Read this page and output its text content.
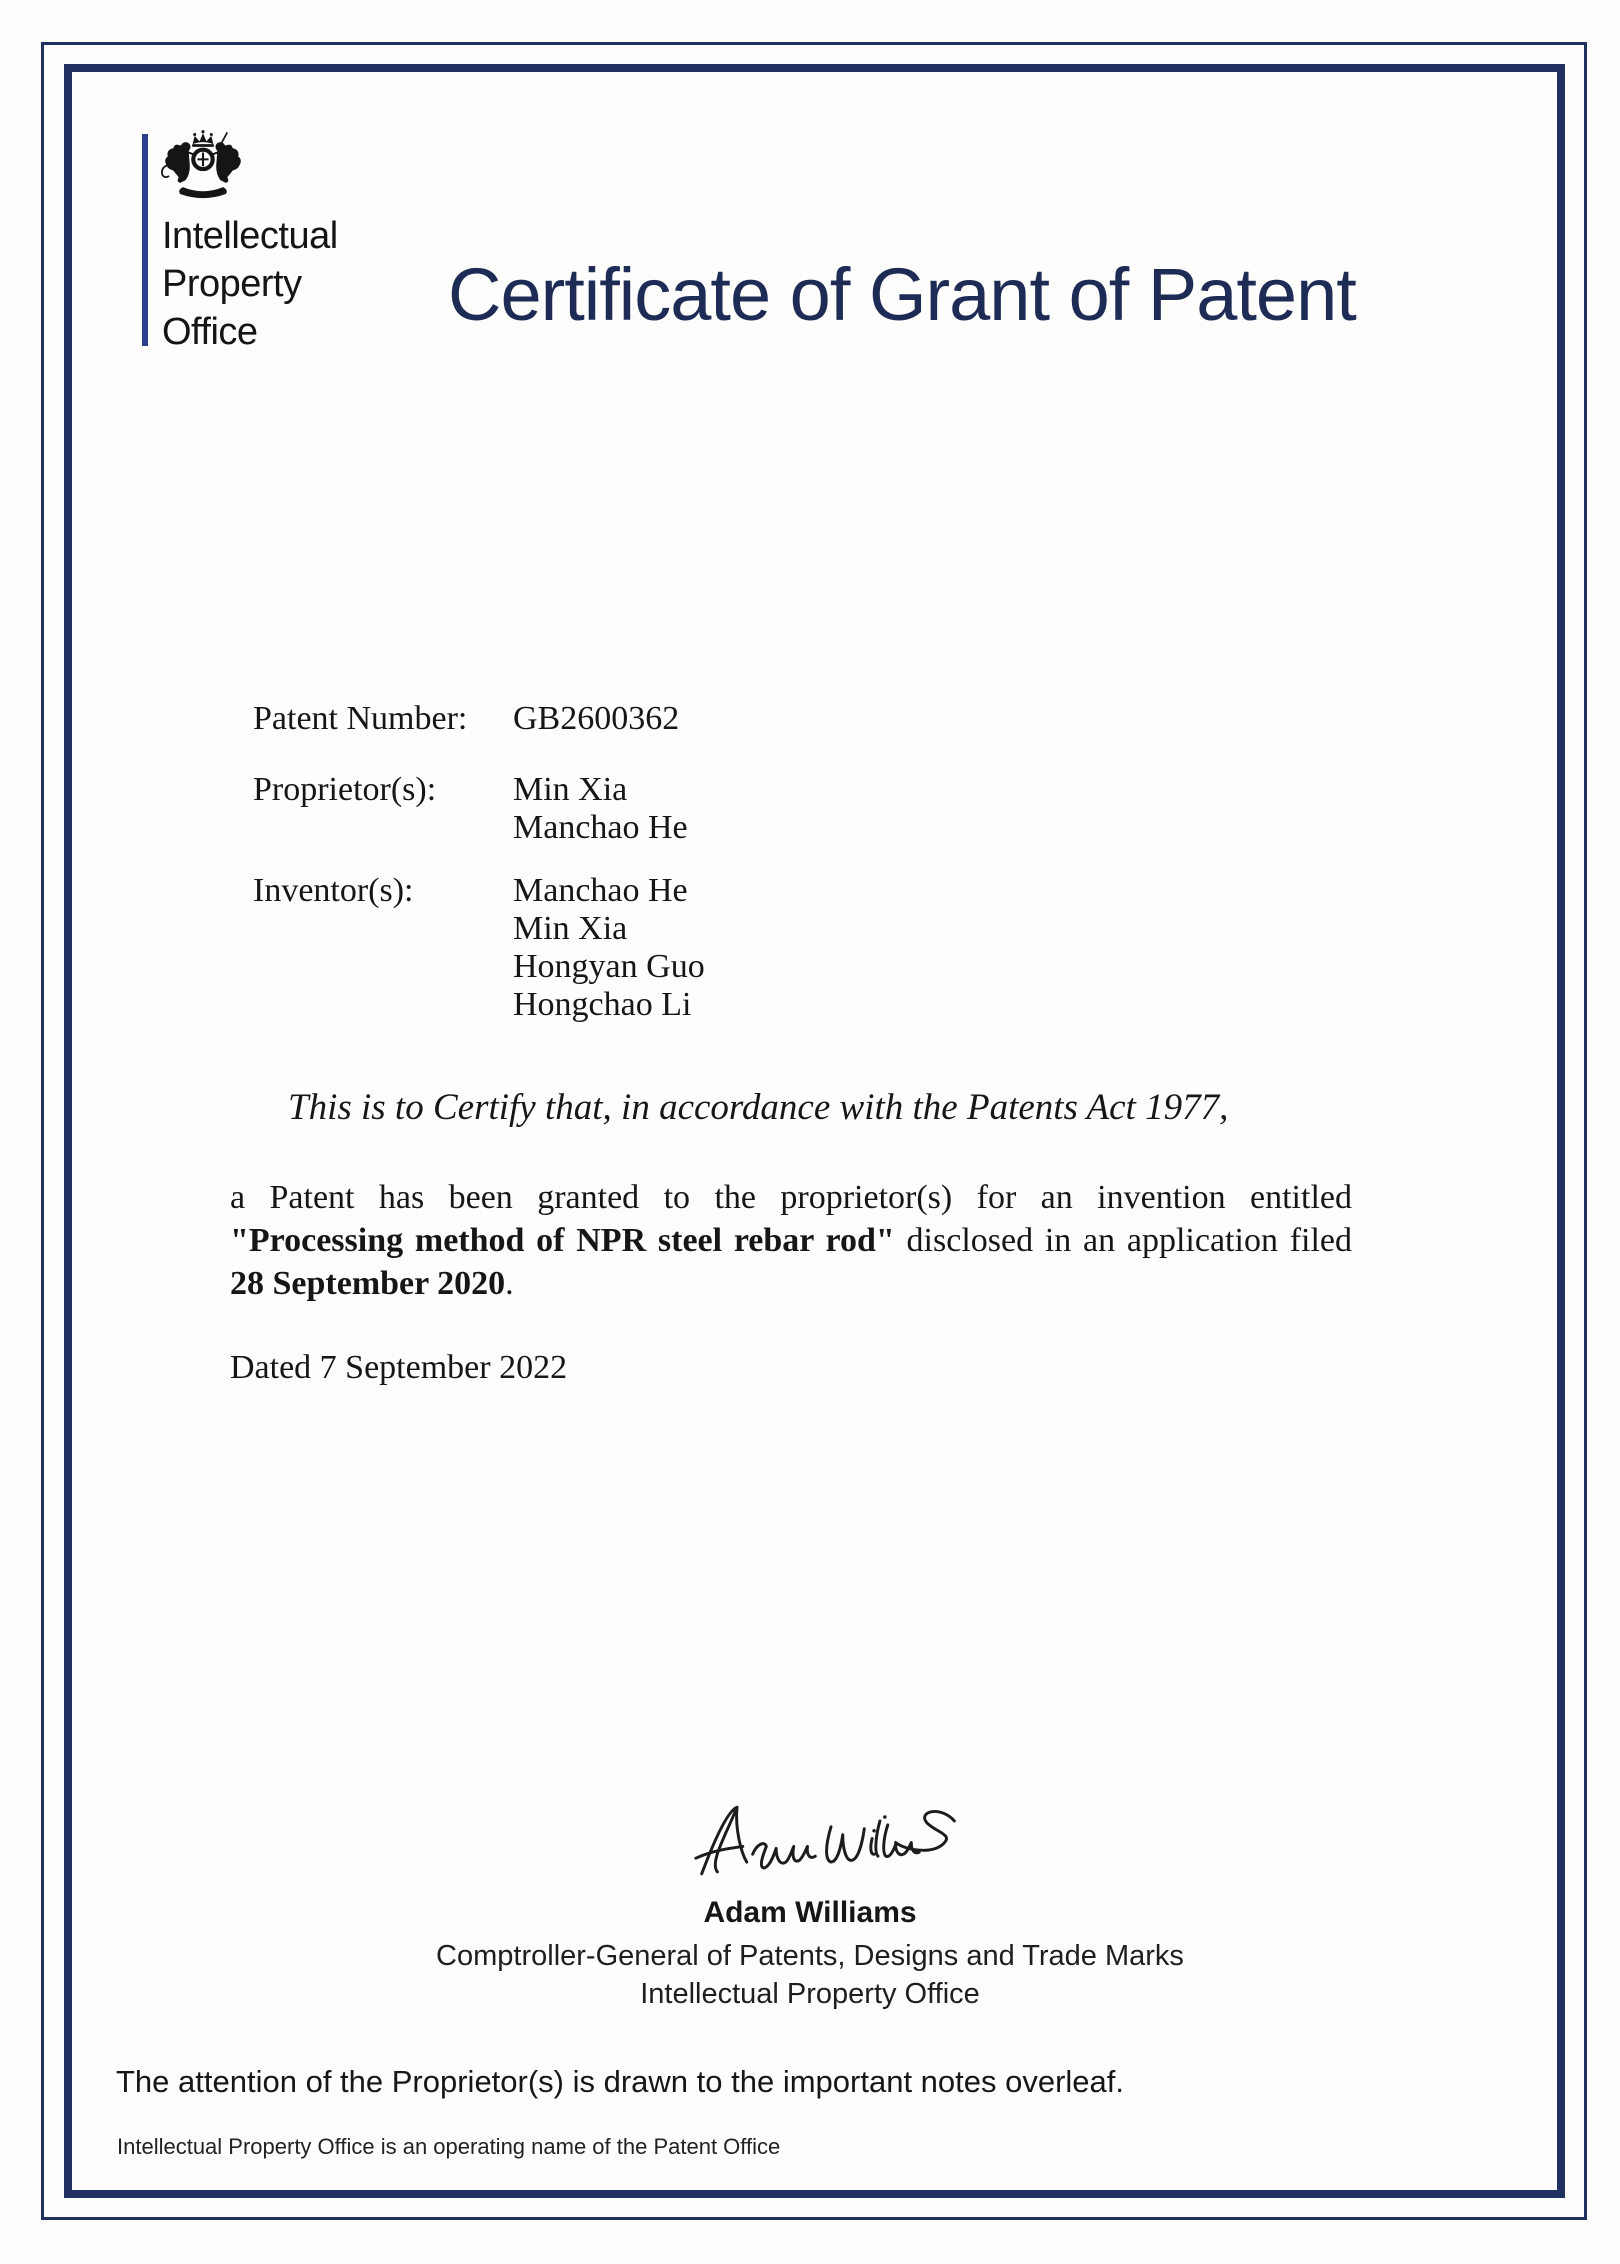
Intellectual
Property
Office	Certificate of Grant of Patent
Patent Number:	GB2600362
Proprietor(s):	Min Xia
Manchao He
Inventor(s):	Manchao He
Min Xia
Hongyan Guo
Hongchao Li
This is to Certify that, in accordance with the Patents Act 1977,
a Patent has been granted to the proprietor(s) for an invention entitled "Processing method of NPR steel rebar rod" disclosed in an application filed 28 September 2020.
Dated 7 September 2022
Adam Williams
Comptroller-General of Patents, Designs and Trade Marks
Intellectual Property Office
The attention of the Proprietor(s) is drawn to the important notes overleaf.
Intellectual Property Office is an operating name of the Patent Office
